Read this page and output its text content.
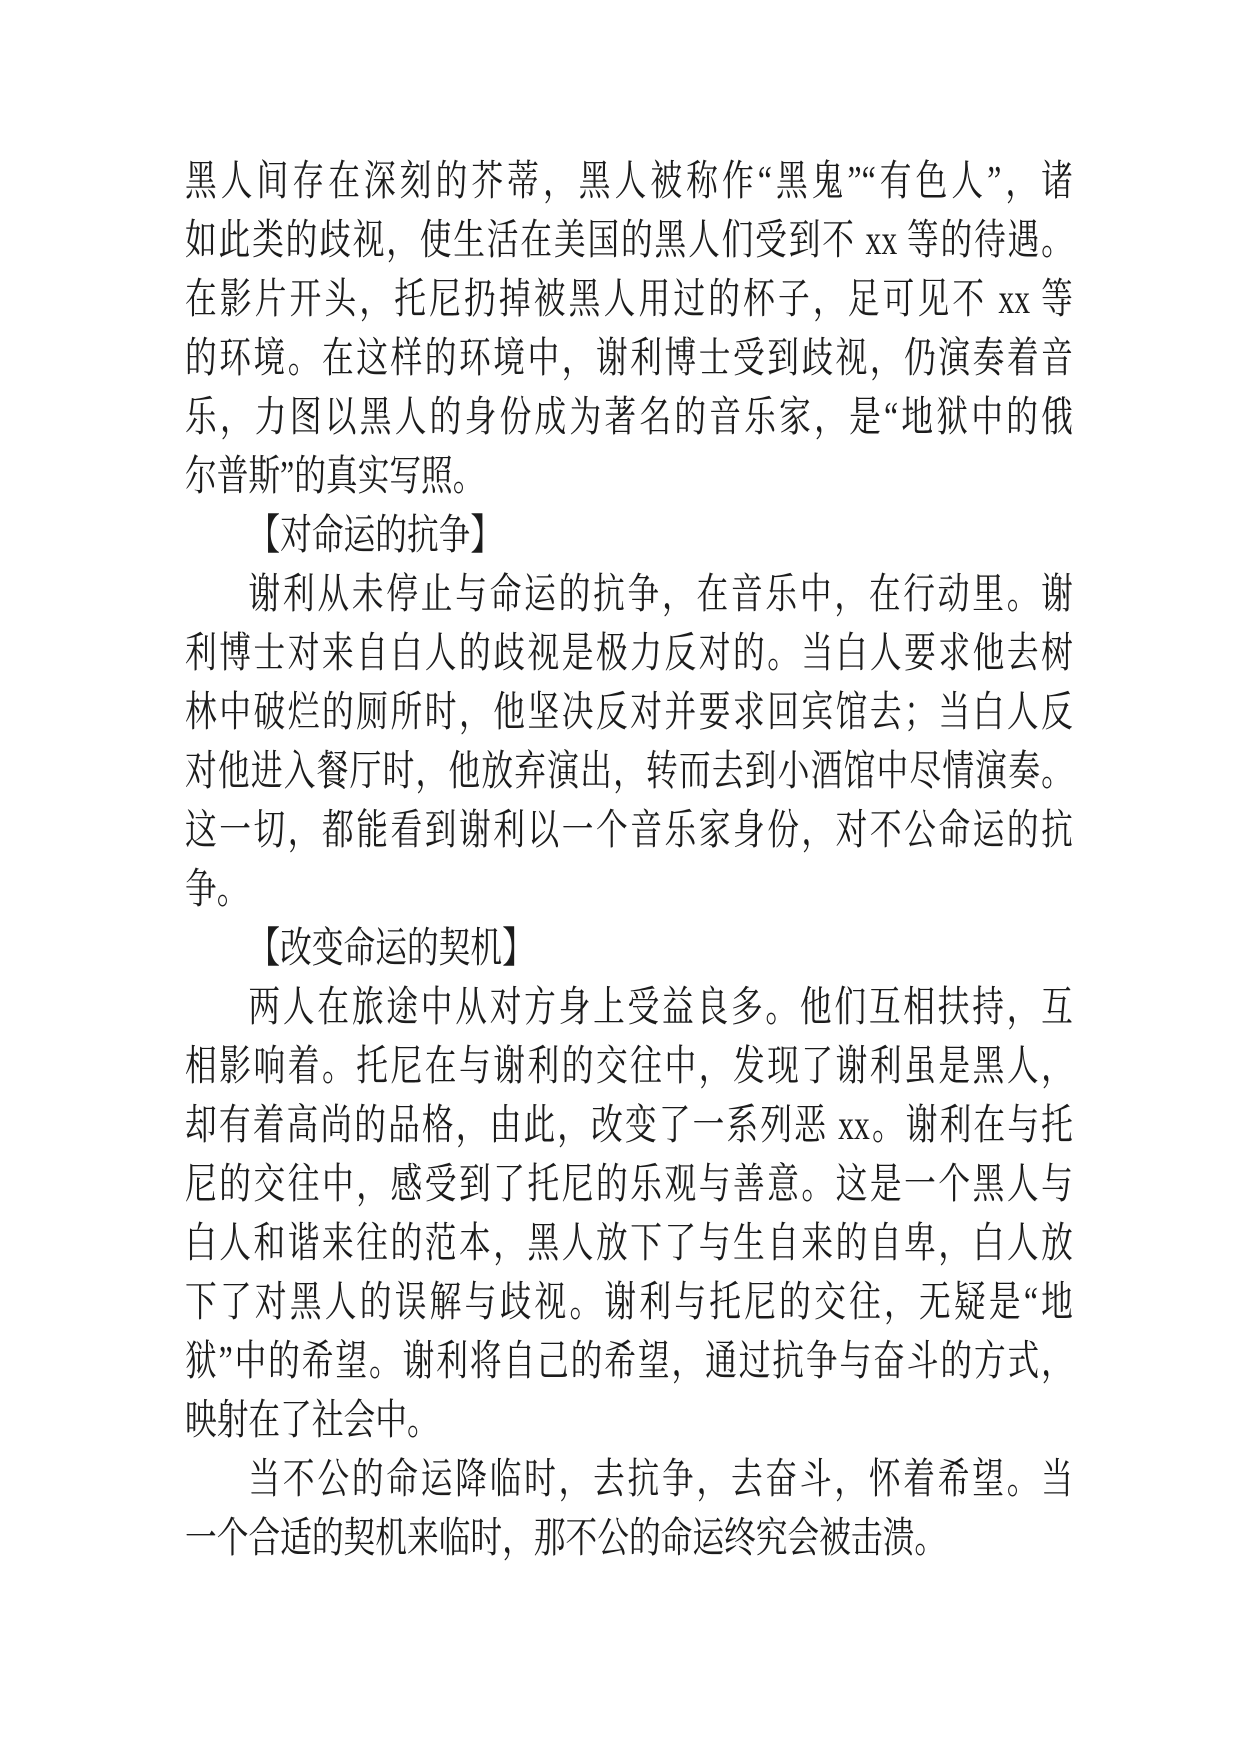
黑人间存在深刻的芥蒂，黑人被称作“黑鬼”“有色人”，诸
如此类的歧视，使生活在美国的黑人们受到不 xx 等的待遇。
在影片开头，托尼扔掉被黑人用过的杯子，足可见不 xx 等
的环境。在这样的环境中，谢利博士受到歧视，仍演奏着音
乐，力图以黑人的身份成为著名的音乐家，是“地狱中的俄
尔普斯”的真实写照。

【对命运的抗争】

谢利从未停止与命运的抗争，在音乐中，在行动里。谢
利博士对来自白人的歧视是极力反对的。当白人要求他去树
林中破烂的厕所时，他坚决反对并要求回宾馆去；当白人反
对他进入餐厅时，他放弃演出，转而去到小酒馆中尽情演奏。
这一切，都能看到谢利以一个音乐家身份，对不公命运的抗
争。

【改变命运的契机】

两人在旅途中从对方身上受益良多。他们互相扶持，互
相影响着。托尼在与谢利的交往中，发现了谢利虽是黑人，
却有着高尚的品格，由此，改变了一系列恶 xx。谢利在与托
尼的交往中，感受到了托尼的乐观与善意。这是一个黑人与
白人和谐来往的范本，黑人放下了与生自来的自卑，白人放
下了对黑人的误解与歧视。谢利与托尼的交往，无疑是“地
狱”中的希望。谢利将自己的希望，通过抗争与奋斗的方式，
映射在了社会中。

当不公的命运降临时，去抗争，去奋斗，怀着希望。当
一个合适的契机来临时，那不公的命运终究会被击溃。
